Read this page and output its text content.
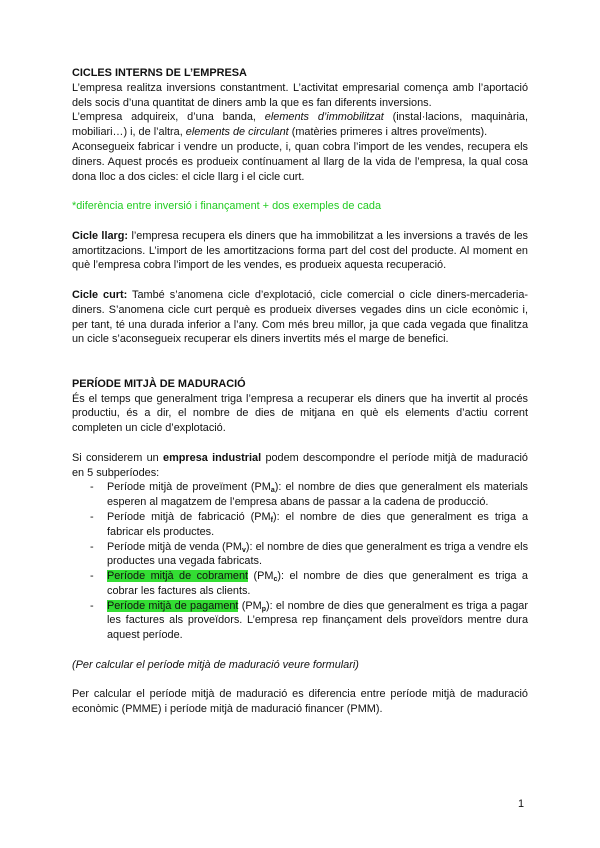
CICLES INTERNS DE L’EMPRESA

L’empresa realitza inversions constantment. L’activitat empresarial comença amb l’aportació dels socis d’una quantitat de diners amb la que es fan diferents inversions.

L’empresa adquireix, d’una banda, elements d’immobilitzat (instal·lacions, maquinària, mobiliari…) i, de l’altra, elements de circulant (matèries primeres i altres proveïments).

Aconsegueix fabricar i vendre un producte, i, quan cobra l’import de les vendes, recupera els diners. Aquest procés es produeix contínuament al llarg de la vida de l’empresa, la qual cosa dona lloc a dos cicles: el cicle llarg i el cicle curt.

*diferència entre inversió i finançament + dos exemples de cada

Cicle llarg: l’empresa recupera els diners que ha immobilitzat a les inversions a través de les amortitzacions. L’import de les amortitzacions forma part del cost del producte. Al moment en què l’empresa cobra l’import de les vendes, es produeix aquesta recuperació.

Cicle curt: També s’anomena cicle d’explotació, cicle comercial o cicle diners-mercaderia-diners. S’anomena cicle curt perquè es produeix diverses vegades dins un cicle econòmic i, per tant, té una durada inferior a l’any. Com més breu millor, ja que cada vegada que finalitza un cicle s’aconsegueix recuperar els diners invertits més el marge de benefici.

PERÍODE MITJÀ DE MADURACIÓ

És el temps que generalment triga l’empresa a recuperar els diners que ha invertit al procés productiu, és a dir, el nombre de dies de mitjana en què els elements d’actiu corrent completen un cicle d’explotació.

Si considerem un empresa industrial podem descompondre el període mitjà de maduració en 5 subperíodes:

- Període mitjà de proveïment $(PM_a)$: el nombre de dies que generalment els materials esperen al magatzem de l’empresa abans de passar a la cadena de producció.
- Període mitjà de fabricació $(PM_f)$: el nombre de dies que generalment es triga a fabricar els productes.
- Període mitjà de venda $(PM_v)$: el nombre de dies que generalment es triga a vendre els productes una vegada fabricats.
- Període mitjà de cobrament $(PM_c)$: el nombre de dies que generalment es triga a cobrar les factures als clients.
- Període mitjà de pagament $(PM_p)$: el nombre de dies que generalment es triga a pagar les factures als proveïdors. L’empresa rep finançament dels proveïdors mentre dura aquest període.

(Per calcular el període mitjà de maduració veure formulari)

Per calcular el període mitjà de maduració es diferencia entre període mitjà de maduració econòmic (PMME) i període mitjà de maduració financer (PMM).

1
